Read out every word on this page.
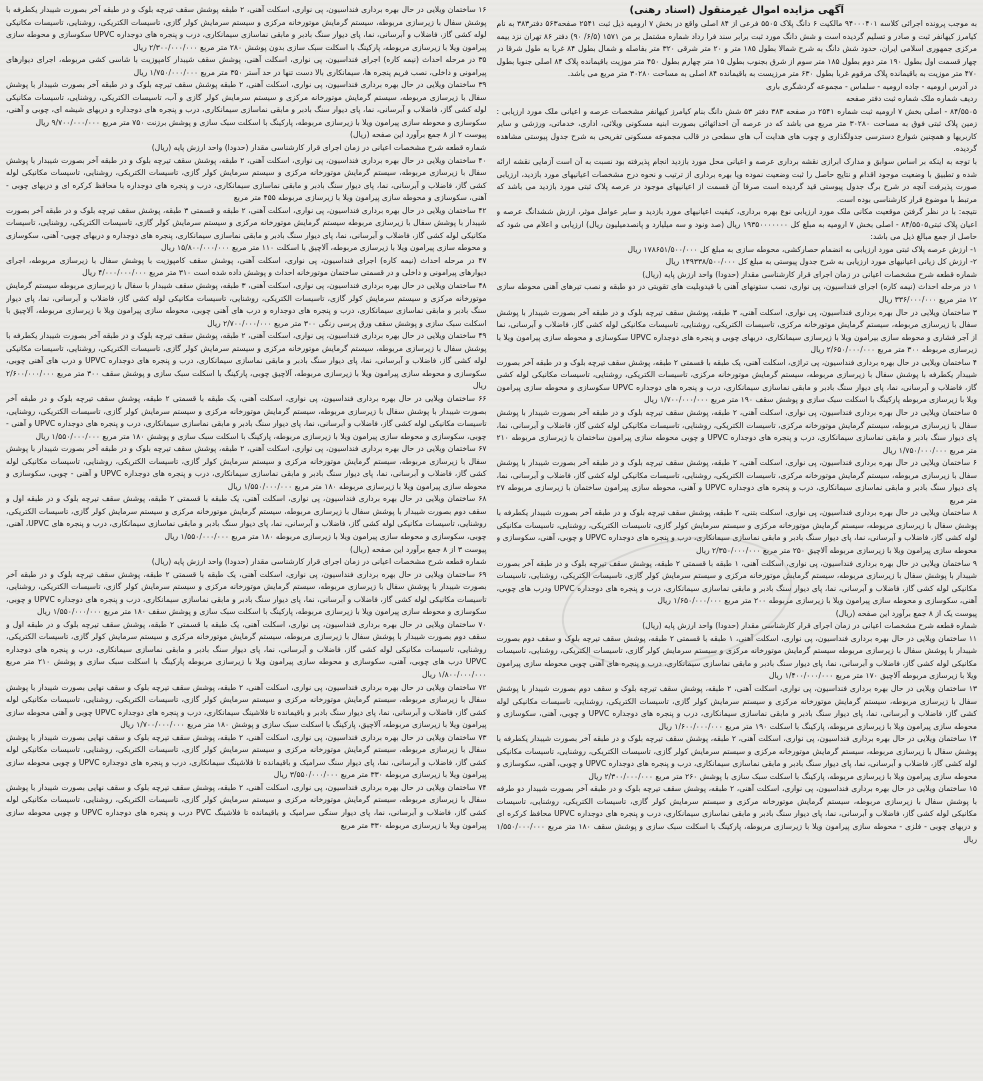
آگهی مزایده اموال غیرمنقول (اسناد رهنی)

به موجب پرونده اجرائی کلاسه ۹۴۰۰۰۴۰۱ مالکیت ۶ دانگ پلاک ۵۵۰۵ فرعی از ۸۴ اصلی واقع در بخش ۷ ارومیه ذیل ثبت ۲۵۴۱ صفحه۵۶۳ دفتر۳۸۳ به نام کیامرز کیهانفر ثبت و صادر و تسلیم گردیده است و شش دانگ مورد ثبت برابر سند فرا رداد شماره مشتمل بر من ۱۵۷۱ (۶/۵/ ۹۰) دفتر ۸۶ تهران نزد بیمه مرکزی جمهوری اسلامی ایران، حدود شش دانگ به شرح شمالا بطول ۱۸۵ متر و ۲۰ متر شرقی ۳۲۰ متر بفاصله و شمال بطول ۸۴ غربا به طول شرقا در چهار قسمت اول بطول ۱۹۰ متر دوم بطول ۱۸۵ متر سوم از شرق بجنوب بطول ۱۵ متر چهارم بطول ۴۵۰ متر موزیت باقیمانده پلاک ۸۴ اصلی جنوبا بطول ۴۷۰ متر موزیت به باقیمانده پلاک مرقوم غربا بطول ۶۳۰ متر مرزیست به باقیمانده ۸۴ اصلی به مساحت ۳۰۲۸۰ متر مربع می باشد.
در آدرس ارومیه - جاده ارومیه - سلماس - مجموعه گردشگری باری
ردیف شماره ملک شماره ثبت دفتر صفحه
۸۴/۵۵۰۵ - اصلی بخش ۷ ارومیه ثبت شماره ۲۵۴۱ در صفحه ۳۸۳ دفتر ۵۳ شش دانگ بنام کیامرز کیهانفر مشخصات عرصه و اعیانی ملک مورد ارزیابی : زمین پلاک ثبتی فوق به مساحت ۳۰۲۸۰ متر مربع می باشد که در عرصه آن احداثهائی بصورت ابنیه مسکونی ویلائی، اداری، خدماتی، ورزشی و سایر کاربریها و همچنین شوارع دسترسی جدولگذاری و چوب های هدایت آب های سطحی در قالب مجموعه مسکونی تفریحی به شرح جدول پیوستی مشاهده گردیده.
با توجه به اینکه بر اساس سوابق و مدارک ابرازی نقشه برداری عرصه و اعیانی محل مورد بازدید انجام پذیرفته بود نسبت به آن است آزمایی نقشه ارائه شده و تطبیق با وضعیت موجود اقدام و نتایج حاصل را ثبت وضعیت نموده ویا بهره برداری از ترتیب و نحوه درج مشخصات اعیانیهای مورد بازدید، ارزیابی صورت پذیرفت آنچه در شرح برگ جدول پیوستی قید گردیده است صرفا آن قسمت از اعیانیهای موجود در عرصه پلاک ثبتی مورد بازدید می باشد که مرتبط با موضوع قرار کارشناسی بوده است.
نتیجه: با در نظر گرفتن موقعیت مکانی ملک مورد ارزیابی نوع بهره برداری، کیفیت اعیانیهای مورد بازدید و سایر عوامل موثر، ارزش ششدانگ عرصه و اعیان پلاک ثبتی۸۴/۵۵۰۵ - اصلی بخش ۷ ارومیه به مبلغ کل ۱۹۳۵۰۰۰۰۰۰۰ ریال (صد ونود و سه میلیارد و پانصدمیلیون ریال) ارزیابی و اعلام می شود که حاصل از جمع مبالغ ذیل می باشد:
۱- ارزش عرصه پلاک ثبتی مورد ارزیابی به انضمام حصارکشی، محوطه سازی به مبلغ کل ۱۷۸۶۵۱/۵۰۰/۰۰۰ ریال
۲- ارزش کل زیانی اعیانیهای مورد ارزیابی به شرح جدول پیوستی به مبلغ کل ۱۴۹۳۳۸/۵۰۰/۰۰۰ ریال
شماره قطعه شرح مشخصات اعیانی در زمان اجرای قرار کارشناسی مقدار (حدودا) واحد ارزش پایه (ریال)
۱ در مرحله احداث (نیمه کاره) اجرای فنداسیون، پی نواری، نصب ستونهای آهنی با قیدوبلیت های تقویتی در دو طبقه و نصب تیرهای آهنی محوطه سازی ۱۲ متر مربع ۳۳۶/۰۰۰/۰۰۰ ریال
۳ ساختمان ویلایی در حال بهره برداری فنداسیون، پی نواری، اسکلت آهنی، ۳ طبقه، پوشش سقف تیرچه بلوک و در طبقه آخر بصورت شیبدار با پوشش سفال با زیرسازی مربوطه، سیستم گرمایش موتورخانه مرکزی، تاسیسات الکتریکی، روشنایی، تاسیسات مکانیکی لوله کشی گاز، فاضلاب و آبرسانی، نما از آجر فشاری و محوطه سازی بیرامون ویلا با زیرسازی سیمانکاری، دربهای چوبی و پنجره های دوجداره UPVC سکوسازی و محوطه سازی پیرامون ویلا با زیرسازی مربوطه ۳۰۰ متر مربع ۲/۶۵۰/۰۰۰/۰۰۰ ریال
۴ ساختمان ویلایی در حال بهره برداری فنداسیون، پی تراژی، اسکلت آهنی، یک طبقه با قسمتی ۲ طبقه، پوشش سقف تیرچه بلوک و در طبقه آخر بصورت شیبدار یکطرفه با پوشش سفال با زیرسازی مربوطه، سیستم گرمایش موتورخانه مرکزی، تاسیسات الکتریکی، روشنایی، تاسیسات مکانیکی لوله کشی گاز، فاضلاب و آبرسانی، نما، پای دیوار سنگ بادبر و مابقی نماسازی سیمانکاری، درب و پنجره های دوجداره UPVC سکوسازی و محوطه سازی پیرامون ویلا با زیرسازی مربوطه پارکینگ با اسکلت سبک سازی و پوشش سقف ۱۹۰ متر مربع ۱/۷۰۰/۰۰۰/۰۰۰ ریال
۵ ساختمان ویلایی در حال بهره برداری فنداسیون، پی نواری، اسکلت آهنی، ۲ طبقه، پوشش سقف تیرچه بلوک و در طبقه آخر بصورت شیبدار با پوشش سفال با زیرسازی مربوطه، سیستم گرمایش موتورخانه مرکزی، تاسیسات الکتریکی، روشنایی، تاسیسات مکانیکی لوله کشی گاز، فاضلاب و آبرسانی، نما، پای دیوار سنگ بادبر و مابقی نماسازی سیمانکاری، درب و پنجره های دوجداره UPVC و چوبی محوطه سازی پیرامون ساختمان با زیرسازی مربوطه ۲۱۰ متر مربع ۱/۷۵۰/۰۰۰/۰۰۰ ریال
۶ ساختمان ویلایی در حال بهره برداری فنداسیون، پی نواری، اسکلت آهنی، ۲ طبقه، پوشش سقف تیرچه بلوک و در طبقه آخر بصورت شیبدار با پوشش سفال با زیرسازی مربوطه، سیستم گرمایش موتورخانه مرکزی، تاسیسات الکتریکی، روشنایی، تاسیسات مکانیکی لوله کشی گاز، فاضلاب و آبرسانی، نما، پای دیوار سنگ بادبر و مابقی نماسازی سیمانکاری، درب و پنجره های دوجداره UPVC و آهنی، محوطه سازی پیرامون ساختمان با زیرسازی مربوطه ۲۷ متر مربع
۸ ساختمان ویلایی در حال بهره برداری فنداسیون، پی نواری، اسکلت بتنی، ۲ طبقه، پوشش سقف تیرچه بلوک و در طبقه آخر بصورت شیبدار یکطرفه با پوشش سفال با زیرسازی مربوطه، سیستم گرمایش موتورخانه مرکزی و سیستم سرمایش کولر گازی، تاسیسات الکتریکی، روشنایی، تاسیسات مکانیکی لوله کشی گاز، فاضلاب و آبرسانی، نما، پای دیوار سنگ بادبر و مابقی نماسازی سیمانکاری، درب و پنجره های دوجداره UPVC و چوبی، آهنی، سکوسازی و محوطه سازی پیرامون ویلا با زیرسازی مربوطه آلاچیق ۲۵۰ متر مربع ۲/۳۵۰/۰۰۰/۰۰۰ ریال
۹ ساختمان ویلایی در حال بهره برداری فنداسیون، پی نواری، اسکلت آهنی، ۱ طبقه با قسمتی ۲ طبقه، پوشش سقف تیرچه بلوک و در طبقه آخر بصورت شیبدار با پوشش سفال با زیرسازی مربوطه، سیستم گرمایش موتورخانه مرکزی و سیستم سرمایش کولر گازی، تاسیسات الکتریکی، روشنایی، تاسیسات مکانیکی لوله کشی گاز، فاضلاب و آبرسانی، نما، پای دیوار سنگ بادبر و مابقی نماسازی سیمانکاری، درب و پنجره های دوجداره UPVC ودرب های چوبی، آهنی، سکوسازی و محوطه سازی پیرامون ویلا با زیرسازی مربوطه ۲۰۰ متر مربع ۱/۶۵۰/۰۰۰/۰۰۰ ریال
پیوست یک از ۸ جمع برآورد این صفحه (ریال)
شماره قطعه شرح مشخصات اعیانی در زمان اجرای قرار کارشناسی مقدار (حدودا) واحد ارزش پایه (ریال)
۱۱ ساختمان ویلایی در حال بهره برداری فنداسیون، پی نواری، اسکلت آهنی، ۱ طبقه با قسمتی ۲ طبقه، پوشش سقف تیرچه بلوک و سقف دوم بصورت شیبدار با پوشش سفال با زیرسازی مربوطه سیستم گرمایش موتورخانه مرکزی و سیستم سرمایش کولر گازی، تاسیسات الکتریکی، روشنایی، تاسیسات مکانیکی لوله کشی گاز، فاضلاب و آبرسانی، نما، پای دیوار سنگ بادبر و مابقی نماسازی سیمانکاری، درب و پنجره های آهنی چوبی محوطه سازی پیرامون ویلا با زیرسازی مربوطه آلاچیق ۱۷۰ متر مربع ۱/۴۰۰/۰۰۰/۰۰۰ ریال
۱۳ ساختمان ویلایی در حال بهره برداری فنداسیون، پی نواری، اسکلت آهنی، ۲ طبقه، پوشش سقف تیرچه بلوک و سقف دوم بصورت شیبدار با پوشش سفال با زیرسازی مربوطه، سیستم گرمایش موتورخانه مرکزی و سیستم سرمایش کولر گازی، تاسیسات الکتریکی، روشنایی، تاسیسات مکانیکی لوله کشی گاز، فاضلاب و آبرسانی، نما، پای دیوار سنگ بادبر و مابقی نماسازی سیمانکاری، درب و پنجره های دوجداره UPVC و چوبی، آهنی، سکوسازی و محوطه سازی پیرامون ویلا با زیرسازی مربوطه، پارکینگ با اسکلت ۱۹۰ متر مربع ۱/۶۰۰/۰۰۰/۰۰۰ ریال
۱۴ ساختمان ویلایی در حال بهره برداری فنداسیون، پی نواری، اسکلت آهنی، ۲ طبقه، پوشش سقف تیرچه بلوک و در طبقه آخر بصورت شیبدار یکطرفه با پوشش سفال با زیرسازی مربوطه، سیستم گرمایش موتورخانه مرکزی و سیستم سرمایش کولر گازی، تاسیسات الکتریکی، روشنایی، تاسیسات مکانیکی لوله کشی گاز، فاضلاب و آبرسانی، نما، پای دیوار سنگ بادبر و مابقی نماسازی سیمانکاری، درب و پنجره های دوجداره UPVC و چوبی، آهنی، سکوسازی و محوطه سازی پیرامون ویلا با زیرسازی مربوطه، پارکینگ با اسکلت سبک سازی با پوشش ۲۶۰ متر مربع ۲/۳۰۰/۰۰۰/۰۰۰ ریال
۱۵ ساختمان ویلایی در حال بهره برداری فنداسیون، پی نواری، اسکلت آهنی، ۲ طبقه، پوشش سقف تیرچه بلوک و در طبقه آخر بصورت شیبدار دو طرفه با پوشش سفال با زیرسازی مربوطه، سیستم گرمایش موتورخانه مرکزی و سیستم سرمایش کولر گازی، تاسیسات الکتریکی، روشنایی، تاسیسات مکانیکی لوله کشی گاز، فاضلاب و آبرسانی، نما، پای دیوار سنگ بادبر و مابقی نماسازی سیمانکاری، درب و پنجره های دوجداره UPVC محافظ کرکره ای و دربهای چوبی - فلزی - محوطه سازی پیرامون ویلا با زیرسازی مربوطه، پارکینگ با اسکلت سبک سازی و پوشش سقف ۱۸۰ متر مربع ۱/۵۵۰/۰۰۰/۰۰۰ ریال
۱۶ ساختمان ویلایی در حال بهره برداری فنداسیون، پی نواری، اسکلت آهنی، ۲ طبقه پوشش سقف تیرچه بلوک و در طبقه آخر بصورت شیبدار یکطرفه با پوشش سفال با زیرسازی مربوطه، سیستم گرمایش موتورخانه مرکزی و سیستم سرمایش کولر گازی، تاسیسات الکتریکی، روشنایی، تاسیسات مکانیکی لوله کشی گاز، فاضلاب و آبرسانی، نما، پای دیوار سنگ بادبر و مابقی نماسازی سیمانکاری، درب و پنجره های دوجداره UPVC سکوسازی و محوطه سازی پیرامون ویلا با زیرسازی مربوطه، پارکینگ با اسکلت سبک سازی بدون پوشش ۲۸۰ متر مربع ۲/۳۰۰/۰۰۰/۰۰۰ ریال
۳۵ در مرحله احداث (نیمه کاره) اجرای فنداسیون، پی نواری، اسکلت آهنی، پوشش سقف شیبدار کامپوزیت با شاسی کشی مربوطه، اجرای دیوارهای پیرامونی و داخلی، نصب فریم پنجره ها، سیمانکاری بالا دست تنها در حد آستر ۳۵۰ متر مربع ۱/۷۵۰/۰۰۰/۰۰۰ ریال
۳۹ ساختمان ویلایی در حال بهره برداری فنداسیون، پی نواری، اسکلت آهنی، ۲ طبقه پوشش سقف تیرچه بلوک و در طبقه آخر بصورت شیبدار با پوشش سفال با زیرسازی مربوطه، سیستم گرمایش موتورخانه مرکزی و سیستم سرمایش کولر گازی و آب، تاسیسات الکتریکی، روشنایی، تاسیسات مکانیکی لوله کشی گاز، فاضلاب و آبرسانی، نما، پای دیوار سنگ بادبر و مابقی نماسازی سیمانکاری، درب و پنجره های دوجداره و دربهای شیشه ای، چوبی و آهنی، سکوسازی و محوطه سازی پیرامون ویلا با زیرسازی مربوطه، پارکینگ با اسکلت سبک سازی و پوشش برزنت ۷۵۰ متر مربع ۹/۷۰۰/۰۰۰/۰۰۰ ریال
پیوست ۲ از ۸ جمع برآورد این صفحه (ریال)
شماره قطعه شرح مشخصات اعیانی در زمان اجرای قرار کارشناسی مقدار (حدودا) واحد ارزش پایه (ریال)
۴۰ ساختمان ویلایی در حال بهره برداری فنداسیون، پی نواری، اسکلت آهنی، ۲ طبقه، پوشش سقف تیرچه بلوک و در طبقه آخر بصورت شیبدار با پوشش سفال با زیرسازی مربوطه، سیستم گرمایش موتورخانه مرکزی و سیستم سرمایش کولر گازی، تاسیسات الکتریکی، روشنایی، تاسیسات مکانیکی لوله کشی گاز، فاضلاب و آبرسانی، نما، پای دیوار سنگ بادبر و مابقی نماسازی سیمانکاری، درب و پنجره های دوجداره با محافظ کرکره ای و دربهای چوبی - آهنی، سکوسازی و محوطه سازی پیرامون ویلا با زیرسازی مربوطه ۴۵۵ متر مربع
۴۲ ساختمان ویلایی در حال بهره برداری فنداسیون، پی نواری، اسکلت آهنی، ۲ طبقه و قسمتی ۳ طبقه، پوشش سقف تیرچه بلوک و در طبقه آخر بصورت شیبدار با پوشش سفال با زیرسازی مربوطه سیستم گرمایش موتورخانه مرکزی و سیستم سرمایش کولر گازی، تاسیسات الکتریکی، روشنایی، تاسیسات مکانیکی لوله کشی گاز، فاضلاب و آبرسانی، نما، پای دیوار سنگ بادبر و مابقی نماسازی سیمانکاری، پنجره های دوجداره و دربهای چوبی- آهنی، سکوسازی و محوطه سازی پیرامون ویلا با زیرسازی مربوطه، آلاچیق با اسکلت ۱۱۰ متر مربع ۱۵/۸۰۰/۰۰۰/۰۰۰ ریال
۴۷ در مرحله احداث (نیمه کاره) اجرای فنداسیون، پی نواری، اسکلت آهنی، پوشش سقف کامپوزیت با پوشش سفال با زیرسازی مربوطه، اجرای دیوارهای پیرامونی و داخلی و در قسمتی ساختمان موتورخانه احداث و پوشش داده شده است ۳۱۰ متر مربع ۴/۰۰۰/۰۰۰/۰۰۰ ریال
۴۸ ساختمان ویلایی در حال بهره برداری فنداسیون، پی نواری، اسکلت آهنی، ۳ طبقه، پوشش سقف شیبدار با سفال با زیرسازی مربوطه سیستم گرمایش موتورخانه مرکزی و سیستم سرمایش کولر گازی، تاسیسات الکتریکی، روشنایی، تاسیسات مکانیکی لوله کشی گاز، فاضلاب و آبرسانی، نما، پای دیوار سنگ بادبر و مابقی نماسازی سیمانکاری، درب و پنجره های دوجداره و درب های آهنی چوبی، محوطه سازی پیرامون ویلا با زیرسازی مربوطه، آلاچیق با اسکلت سبک سازی و پوشش سقف ورق پرسی رنگی ۳۰۰ متر مربع ۲/۷۰۰/۰۰۰/۰۰۰ ریال
۴۹ ساختمان ویلایی در حال بهره برداری فنداسیون، پی نواری، اسکلت آهنی، ۲ طبقه، پوشش سقف تیرچه بلوک و در طبقه آخر بصورت شیبدار یکطرفه با پوشش سفال با زیرسازی مربوطه، سیستم گرمایش موتورخانه مرکزی و سیستم سرمایش کولر گازی، تاسیسات الکتریکی، روشنایی، تاسیسات مکانیکی لوله کشی گاز، فاضلاب و آبرسانی، نما، پای دیوار سنگ بادبر و مابقی نماسازی سیمانکاری، درب و پنجره های دوجداره UPVC و درب های آهنی چوبی، سکوسازی و محوطه سازی پیرامون ویلا با زیرسازی مربوطه، آلاچیق چوبی، پارکینگ با اسکلت سبک سازی و پوشش سقف ۳۰۰ متر مربع ۲/۶۰۰/۰۰۰/۰۰۰ ریال
۶۶ ساختمان ویلایی در حال بهره برداری فنداسیون، پی نواری، اسکلت آهنی، یک طبقه با قسمتی ۲ طبقه، پوشش سقف تیرچه بلوک و در طبقه آخر بصورت شیبدار با پوشش سفال با زیرسازی مربوطه، سیستم گرمایش موتورخانه مرکزی و سیستم سرمایش کولر گازی، تاسیسات الکتریکی، روشنایی، تاسیسات مکانیکی لوله کشی گاز، فاضلاب و آبرسانی، نما، پای دیوار سنگ بادبر و مابقی نماسازی سیمانکاری، درب و پنجره های دوجداره UPVC و آهنی - چوبی، سکوسازی و محوطه سازی پیرامون ویلا با زیرسازی مربوطه، پارکینگ با اسکلت سبک سازی و پوشش ۱۸۰ متر مربع ۱/۵۵۰/۰۰۰/۰۰۰ ریال
۶۷ ساختمان ویلایی در حال بهره برداری فنداسیون، پی نواری، اسکلت آهنی، ۲ طبقه، پوشش سقف تیرچه بلوک و در طبقه آخر بصورت شیبدار با پوشش سفال با زیرسازی مربوطه، سیستم گرمایش موتورخانه مرکزی و سیستم سرمایش کولر گازی، تاسیسات الکتریکی، روشنایی، تاسیسات مکانیکی لوله کشی گاز، فاضلاب و آبرسانی، نما، پای دیوار سنگ بادبر و مابقی نماسازی سیمانکاری، درب و پنجره های دوجداره UPVC و آهنی - چوبی، سکوسازی و محوطه سازی پیرامون ویلا با زیرسازی مربوطه ۱۸۰ متر مربع ۱/۵۵۰/۰۰۰/۰۰۰ ریال
۶۸ ساختمان ویلایی در حال بهره برداری فنداسیون، پی نواری، اسکلت آهنی، یک طبقه با قسمتی ۲ طبقه، پوشش سقف تیرچه بلوک و در طبقه اول و سقف دوم بصورت شیبدار با پوشش سفال با زیرسازی مربوطه، سیستم گرمایش موتورخانه مرکزی و سیستم سرمایش کولر گازی، تاسیسات الکتریکی، روشنایی، تاسیسات مکانیکی لوله کشی گاز، فاضلاب و آبرسانی، نما، پای دیوار سنگ بادبر و مابقی نماسازی سیمانکاری، درب و پنجره های UPVC، آهنی، چوبی، سکوسازی و محوطه سازی پیرامون ویلا با زیرسازی مربوطه ۱۸۰ متر مربع ۱/۵۵۰/۰۰۰/۰۰۰ ریال
پیوست ۳ از ۸ جمع برآورد این صفحه (ریال)
شماره قطعه شرح مشخصات اعیانی در زمان اجرای قرار کارشناسی مقدار (حدودا) واحد ارزش پایه (ریال)
۶۹ ساختمان ویلایی در حال بهره برداری فنداسیون، پی نواری، اسکلت آهنی، یک طبقه با قسمتی ۲ طبقه، پوشش سقف تیرچه بلوک و در طبقه آخر بصورت شیبدار با پوشش سفال با زیرسازی مربوطه، سیستم گرمایش موتورخانه مرکزی و سیستم سرمایش کولر گازی، تاسیسات الکتریکی، روشنایی، تاسیسات مکانیکی لوله کشی گاز، فاضلاب و آبرسانی، نما، پای دیوار سنگ بادبر و مابقی نماسازی سیمانکاری، درب و پنجره های دوجداره UPVC و چوبی، سکوسازی و محوطه سازی پیرامون ویلا با زیرسازی مربوطه، پارکینگ با اسکلت سبک سازی و پوشش سقف ۱۸۰ متر مربع ۱/۵۵۰/۰۰۰/۰۰۰ ریال
۷۰ ساختمان ویلایی در حال بهره برداری فنداسیون، پی نواری، اسکلت آهنی، یک طبقه با قسمتی ۲ طبقه، پوشش سقف تیرچه بلوک و در طبقه اول و سقف دوم بصورت شیبدار با پوشش سفال با زیرسازی مربوطه، سیستم گرمایش موتورخانه مرکزی و سیستم سرمایش کولر گازی، تاسیسات الکتریکی، روشنایی، تاسیسات مکانیکی لوله کشی گاز، فاضلاب و آبرسانی، نما، پای دیوار سنگ بادبر و مابقی نماسازی سیمانکاری، درب و پنجره های دوجداره UPVC درب های چوبی، آهنی، سکوسازی و محوطه سازی پیرامون ویلا با زیرسازی مربوطه پارکینگ با اسکلت سبک سازی و پوشش ۲۱۰ متر مربع ۱/۸۰۰/۰۰۰/۰۰۰ ریال
۷۲ ساختمان ویلایی در حال بهره برداری فنداسیون، پی نواری، اسکلت آهنی، ۲ طبقه، پوشش سقف تیرچه بلوک و سقف نهایی بصورت شیبدار با پوشش سفال با زیرسازی مربوطه، سیستم گرمایش موتورخانه مرکزی و سیستم سرمایش کولر گازی، تاسیسات الکتریکی، روشنایی، تاسیسات مکانیکی لوله کشی گاز، فاضلاب و آبرسانی، نما، پای دیوار سنگ بادبر و باقیمانده تا فلاشینگ سیمانکاری، درب و پنجره های دوجداره UPVC چوبی و آهنی محوطه سازی پیرامون ویلا با زیرسازی مربوطه، آلاچیق، پارکینگ با اسکلت سبک سازی و پوشش ۱۸۰ متر مربع ۱/۷۰۰/۰۰۰/۰۰۰ ریال
۷۳ ساختمان ویلایی در حال بهره برداری فنداسیون، پی نواری، اسکلت آهنی، ۲ طبقه، پوشش سقف تیرچه بلوک و سقف نهایی بصورت شیبدار با پوشش سفال با زیرسازی مربوطه، سیستم گرمایش موتورخانه مرکزی و سیستم سرمایش کولر گازی، تاسیسات الکتریکی، روشنایی، تاسیسات مکانیکی لوله کشی گاز، فاضلاب و آبرسانی، نما، پای دیوار سنگ سرامیک و باقیمانده تا فلاشینگ سیمانکاری، درب و پنجره های دوجداره UPVC و چوبی محوطه سازی پیرامون ویلا با زیرسازی مربوطه ۳۳۰ متر مربع ۳/۵۵۰/۰۰۰/۰۰۰ ریال
۷۴ ساختمان ویلایی در حال بهره برداری فنداسیون، پی نواری، اسکلت آهنی، ۲ طبقه، پوشش سقف تیرچه بلوک و سقف نهایی بصورت شیبدار با پوشش سفال با زیرسازی مربوطه، سیستم گرمایش موتورخانه مرکزی و سیستم سرمایش کولر گازی، تاسیسات الکتریکی، روشنایی، تاسیسات مکانیکی لوله کشی گاز، فاضلاب و آبرسانی، نما، پای دیوار سنگی سرامیک و باقیمانده تا فلاشینگ PVC درب و پنجره های دوجداره UPVC و چوبی محوطه سازی پیرامون ویلا با زیرسازی مربوطه ۳۳۰ متر مربع
